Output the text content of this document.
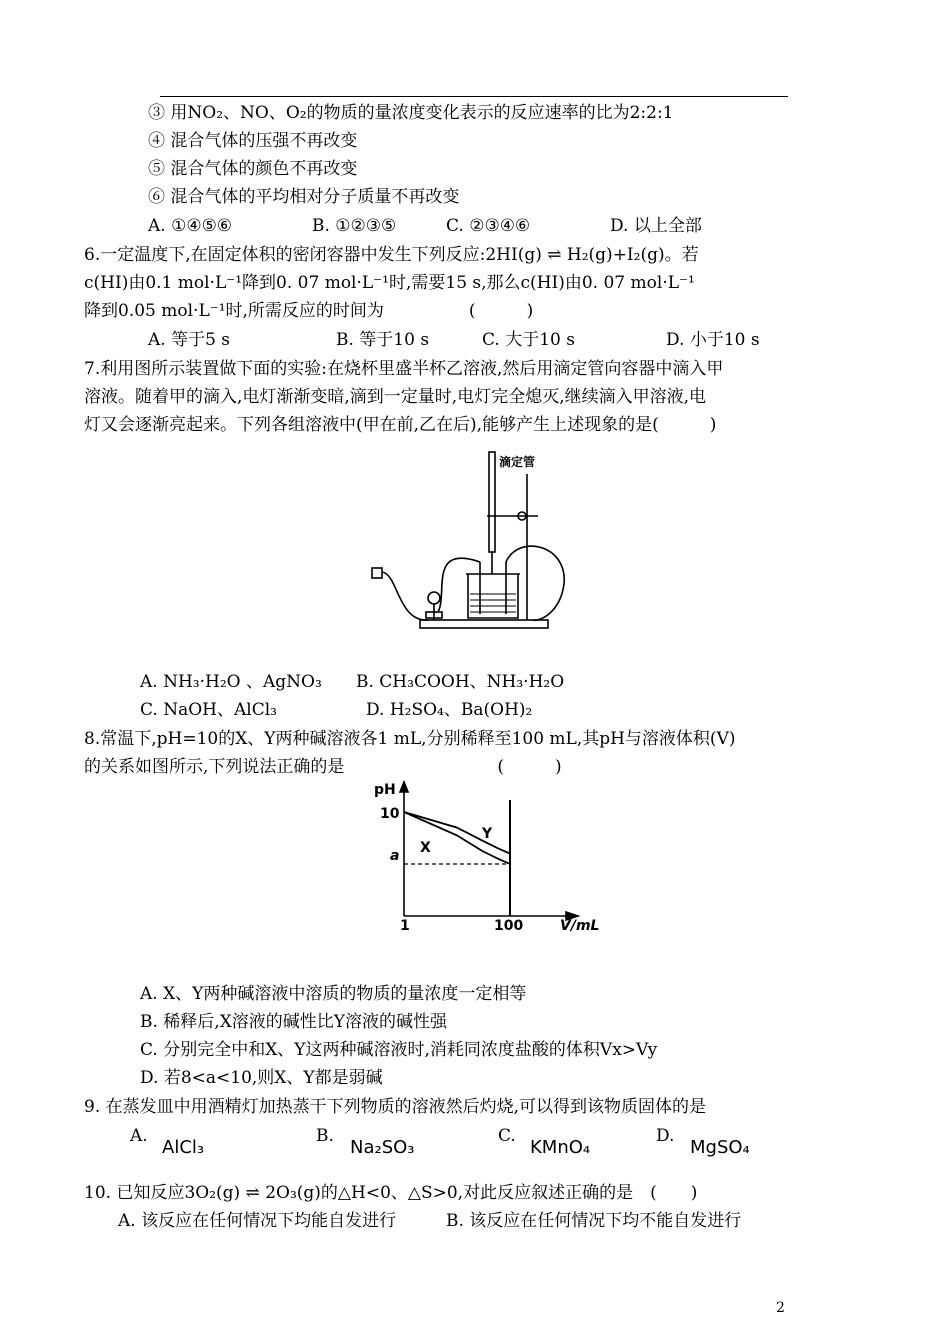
③ 用NO₂、NO、O₂的物质的量浓度变化表示的反应速率的比为2:2:1
④ 混合气体的压强不再改变
⑤ 混合气体的颜色不再改变
⑥ 混合气体的平均相对分子质量不再改变
A. ①④⑤⑥	B. ①②③⑤	C. ②③④⑥	D. 以上全部
6.一定温度下,在固定体积的密闭容器中发生下列反应:2HI(g) ⇌ H₂(g)+I₂(g)。若
c(HI)由0.1 mol·L⁻¹降到0. 07 mol·L⁻¹时,需要15 s,那么c(HI)由0. 07 mol·L⁻¹
降到0.05 mol·L⁻¹时,所需反应的时间为　　　　　(　　　)
A. 等于5 s	B. 等于10 s	C. 大于10 s	D. 小于10 s
7.利用图所示装置做下面的实验:在烧杯里盛半杯乙溶液,然后用滴定管向容器中滴入甲
溶液。随着甲的滴入,电灯渐渐变暗,滴到一定量时,电灯完全熄灭,继续滴入甲溶液,电
灯又会逐渐亮起来。下列各组溶液中(甲在前,乙在后),能够产生上述现象的是(　　　)
滴定管
A. NH₃·H₂O 、AgNO₃ B. CH₃COOH、NH₃·H₂O
C. NaOH、AlCl₃	D. H₂SO₄、Ba(OH)₂
8.常温下,pH=10的X、Y两种碱溶液各1 mL,分别稀释至100 mL,其pH与溶液体积(V)
的关系如图所示,下列说法正确的是　　　　　　　　　(　　　)
pH
10
a
1	100	V/mL
X
Y
A. X、Y两种碱溶液中溶质的物质的量浓度一定相等
B. 稀释后,X溶液的碱性比Y溶液的碱性强
C. 分别完全中和X、Y这两种碱溶液时,消耗同浓度盐酸的体积Vx>Vy
D. 若8<a<10,则X、Y都是弱碱
9. 在蒸发皿中用酒精灯加热蒸干下列物质的溶液然后灼烧,可以得到该物质固体的是
A.
AlCl₃
B.
Na₂SO₃
C.
KMnO₄
D.
MgSO₄
10. 已知反应3O₂(g) ⇌ 2O₃(g)的△H<0、△S>0,对此反应叙述正确的是　(　　)
A. 该反应在任何情况下均能自发进行	B. 该反应在任何情况下均不能自发进行
2
